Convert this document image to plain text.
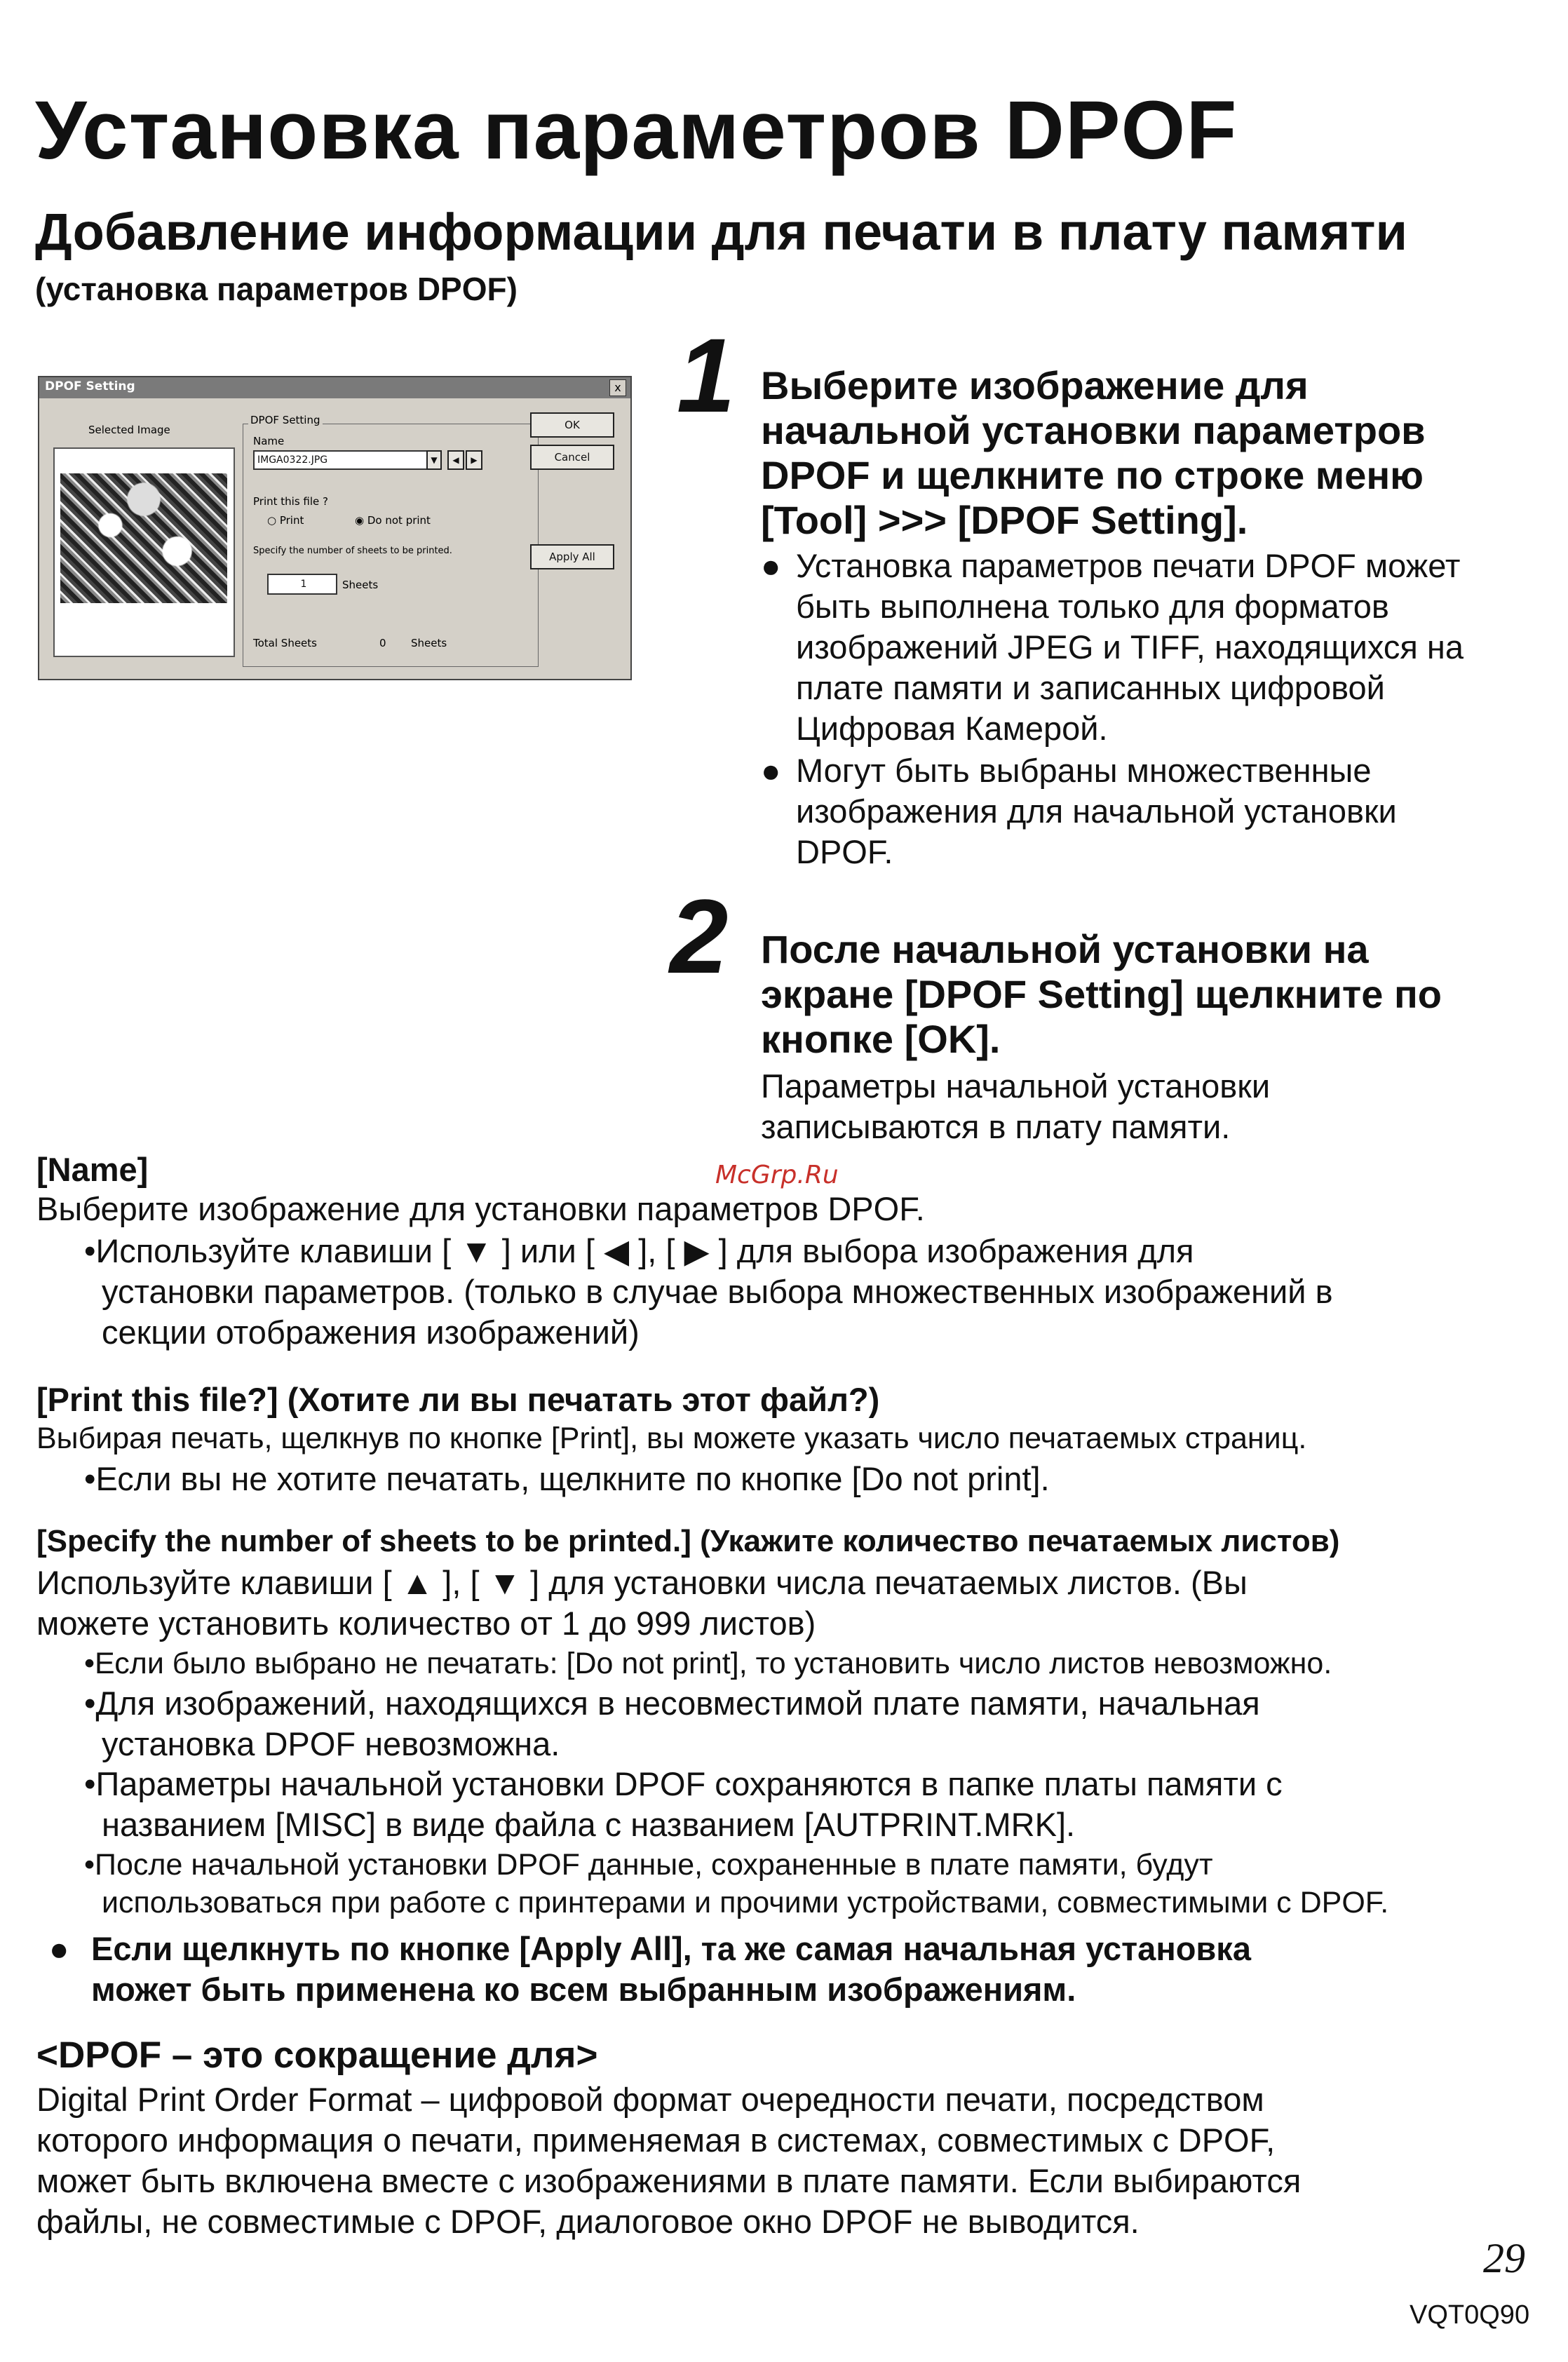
Установка параметров DPOF
Добавление информации для печати в плату памяти
(установка параметров DPOF)
DPOF Setting	x
Selected Image
DPOF Setting
Name
IMGA0322.JPG	▼	◀	▶
Print this file ?
○ Print	◉ Do not print
Specify the number of sheets to be printed.
1	Sheets
Total Sheets	0 Sheets
OK
Cancel
Apply All
1 Выберите изображение для
начальной установки параметров
DPOF и щелкните по строке меню
[Tool] >>> [DPOF Setting].
● Установка параметров печати DPOF может
быть выполнена только для форматов
изображений JPEG и TIFF, находящихся на
плате памяти и записанных цифровой
Цифровая Камерой.
● Могут быть выбраны множественные
изображения для начальной установки
DPOF.
2 После начальной установки на
экране [DPOF Setting] щелкните по
кнопке [OK].
Параметры начальной установки
записываются в плату памяти.
McGrp.Ru
[Name]
Выберите изображение для установки параметров DPOF.
•Используйте клавиши [ ▼ ] или [ ◀ ], [ ▶ ] для выбора изображения для
установки параметров. (только в случае выбора множественных изображений в
секции отображения изображений)
[Print this file?] (Хотите ли вы печатать этот файл?)
Выбирая печать, щелкнув по кнопке [Print], вы можете указать число печатаемых страниц.
•Если вы не хотите печатать, щелкните по кнопке [Do not print].
[Specify the number of sheets to be printed.] (Укажите количество печатаемых листов)
Используйте клавиши [ ▲ ], [ ▼ ] для установки числа печатаемых листов. (Вы
можете установить количество от 1 до 999 листов)
•Если было выбрано не печатать: [Do not print], то установить число листов невозможно.
•Для изображений, находящихся в несовместимой плате памяти, начальная
установка DPOF невозможна.
•Параметры начальной установки DPOF сохраняются в папке платы памяти с
названием [MISC] в виде файла с названием [AUTPRINT.MRK].
•После начальной установки DPOF данные, сохраненные в плате памяти, будут
использоваться при работе с принтерами и прочими устройствами, совместимыми с DPOF.
● Если щелкнуть по кнопке [Apply All], та же самая начальная установка
может быть применена ко всем выбранным изображениям.
<DPOF – это сокращение для>
Digital Print Order Format – цифровой формат очередности печати, посредством
которого информация о печати, применяемая в системах, совместимых с DPOF,
может быть включена вместе с изображениями в плате памяти. Если выбираются
файлы, не совместимые с DPOF, диалоговое окно DPOF не выводится.
29
VQT0Q90
